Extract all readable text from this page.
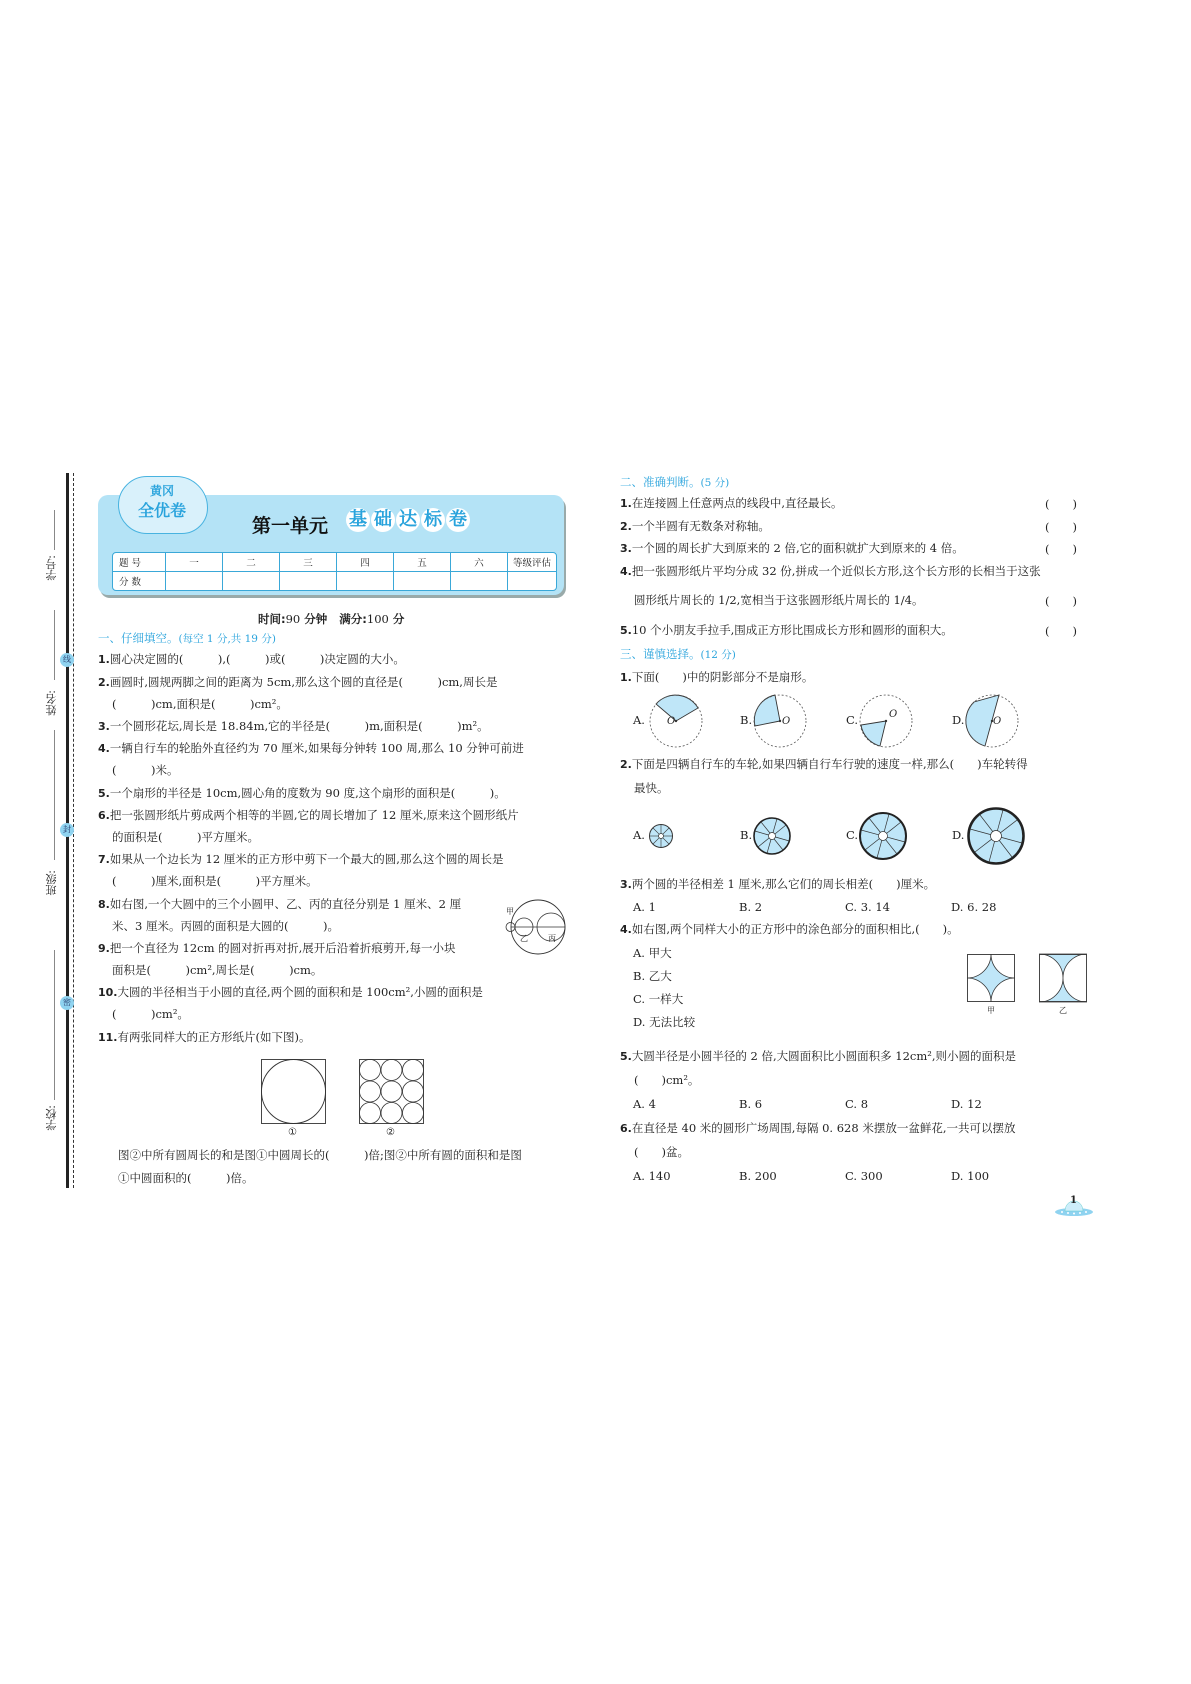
学号:
姓名:
班级:
学校:
线
封
密
黄冈
全优卷
第一单元 基 础 达 标 卷
题 号	一	二	三	四	五	六	等级评估
分 数							
时间:90 分钟 满分:100 分
一、仔细填空。(每空 1 分,共 19 分)
1.圆心决定圆的(　　　),(　　　)或(　　　)决定圆的大小。
2.画圆时,圆规两脚之间的距离为 5cm,那么这个圆的直径是(　　　)cm,周长是
(　　　)cm,面积是(　　　)cm²。
3.一个圆形花坛,周长是 18.84m,它的半径是(　　　)m,面积是(　　　)m²。
4.一辆自行车的轮胎外直径约为 70 厘米,如果每分钟转 100 周,那么 10 分钟可前进
(　　　)米。
5.一个扇形的半径是 10cm,圆心角的度数为 90 度,这个扇形的面积是(　　　)。
6.把一张圆形纸片剪成两个相等的半圆,它的周长增加了 12 厘米,原来这个圆形纸片
的面积是(　　　)平方厘米。
7.如果从一个边长为 12 厘米的正方形中剪下一个最大的圆,那么这个圆的周长是
(　　　)厘米,面积是(　　　)平方厘米。
8.如右图,一个大圆中的三个小圆甲、乙、丙的直径分别是 1 厘米、2 厘
米、3 厘米。丙圆的面积是大圆的(　　　)。
9.把一个直径为 12cm 的圆对折再对折,展开后沿着折痕剪开,每一小块
面积是(　　　)cm²,周长是(　　　)cm。
10.大圆的半径相当于小圆的直径,两个圆的面积和是 100cm²,小圆的面积是
(　　　)cm²。
11.有两张同样大的正方形纸片(如下图)。
甲
乙	丙
①	②
图②中所有圆周长的和是图①中圆周长的(　　　)倍;图②中所有圆的面积和是图
①中圆面积的(　　　)倍。
二、准确判断。(5 分)
1.在连接圆上任意两点的线段中,直径最长。	(　　)
2.一个半圆有无数条对称轴。	(　　)
3.一个圆的周长扩大到原来的 2 倍,它的面积就扩大到原来的 4 倍。	(　　)
4.把一张圆形纸片平均分成 32 份,拼成一个近似长方形,这个长方形的长相当于这张
圆形纸片周长的 1/2,宽相当于这张圆形纸片周长的 1/4。	(　　)
5.10 个小朋友手拉手,围成正方形比围成长方形和圆形的面积大。	(　　)
三、谨慎选择。(12 分)
1.下面(　　)中的阴影部分不是扇形。
A. O	B.	O	C.	O	D.	O
2.下面是四辆自行车的车轮,如果四辆自行车行驶的速度一样,那么(　　)车轮转得
最快。
A.	B.	C.	D.
3.两个圆的半径相差 1 厘米,那么它们的周长相差(　　)厘米。
A. 1	B. 2	C. 3. 14	D. 6. 28
4.如右图,两个同样大小的正方形中的涂色部分的面积相比,(　　)。
A. 甲大
B. 乙大
C. 一样大
D. 无法比较
甲	乙
5.大圆半径是小圆半径的 2 倍,大圆面积比小圆面积多 12cm²,则小圆的面积是
(　　)cm²。
A. 4	B. 6	C. 8	D. 12
6.在直径是 40 米的圆形广场周围,每隔 0. 628 米摆放一盆鲜花,一共可以摆放
(　　)盆。
A. 140	B. 200	C. 300	D. 100
1
